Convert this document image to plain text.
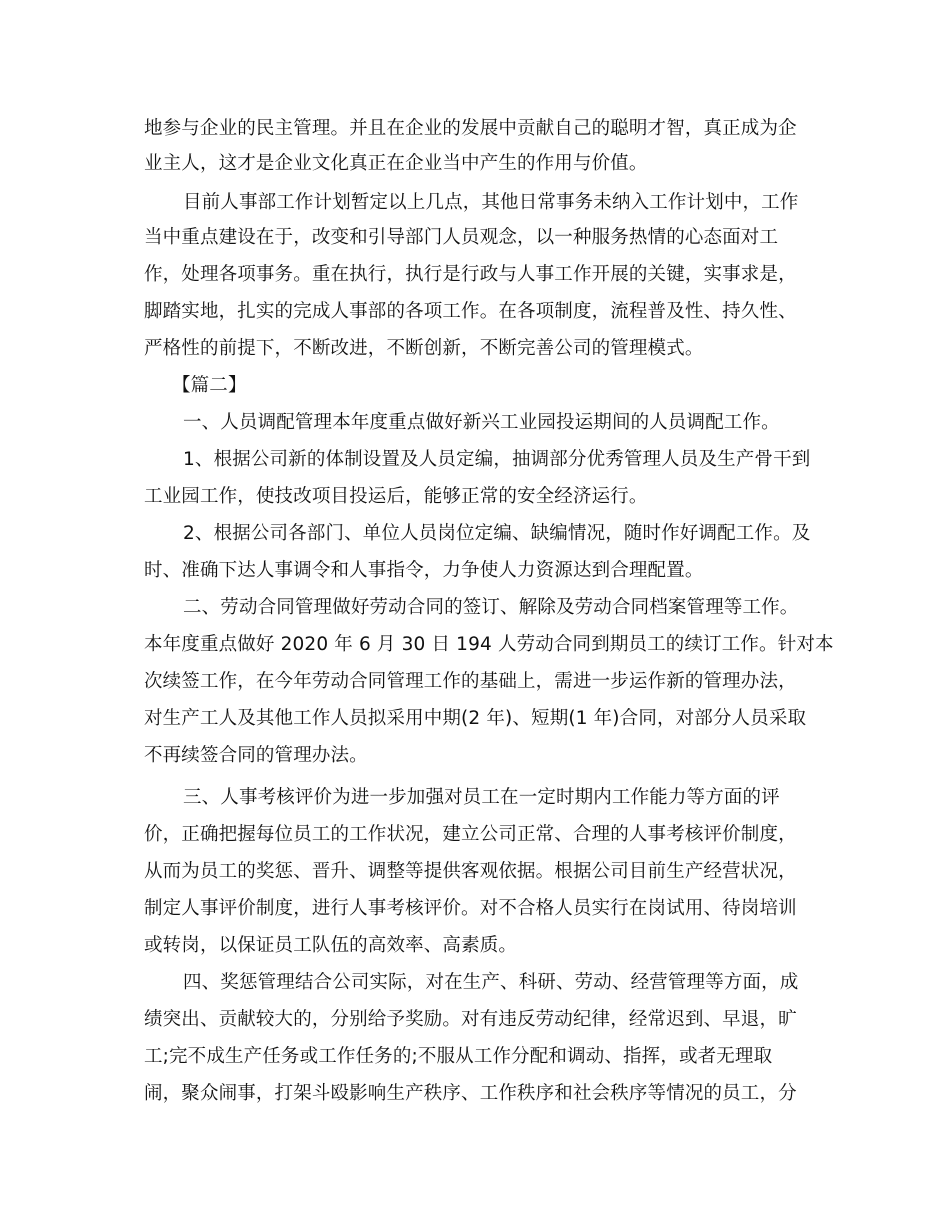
地参与企业的民主管理。并且在企业的发展中贡献自己的聪明才智，真正成为企
业主人，这才是企业文化真正在企业当中产生的作用与价值。
目前人事部工作计划暂定以上几点，其他日常事务未纳入工作计划中，工作
当中重点建设在于，改变和引导部门人员观念，以一种服务热情的心态面对工
作，处理各项事务。重在执行，执行是行政与人事工作开展的关键，实事求是，
脚踏实地，扎实的完成人事部的各项工作。在各项制度，流程普及性、持久性、
严格性的前提下，不断改进，不断创新，不断完善公司的管理模式。
【篇二】
一、人员调配管理本年度重点做好新兴工业园投运期间的人员调配工作。
1、根据公司新的体制设置及人员定编，抽调部分优秀管理人员及生产骨干到
工业园工作，使技改项目投运后，能够正常的安全经济运行。
2、根据公司各部门、单位人员岗位定编、缺编情况，随时作好调配工作。及
时、准确下达人事调令和人事指令，力争使人力资源达到合理配置。
二、劳动合同管理做好劳动合同的签订、解除及劳动合同档案管理等工作。
本年度重点做好 2020 年 6 月 30 日 194 人劳动合同到期员工的续订工作。针对本
次续签工作，在今年劳动合同管理工作的基础上，需进一步运作新的管理办法，
对生产工人及其他工作人员拟采用中期(2 年)、短期(1 年)合同，对部分人员采取
不再续签合同的管理办法。
三、人事考核评价为进一步加强对员工在一定时期内工作能力等方面的评
价，正确把握每位员工的工作状况，建立公司正常、合理的人事考核评价制度，
从而为员工的奖惩、晋升、调整等提供客观依据。根据公司目前生产经营状况，
制定人事评价制度，进行人事考核评价。对不合格人员实行在岗试用、待岗培训
或转岗，以保证员工队伍的高效率、高素质。
四、奖惩管理结合公司实际，对在生产、科研、劳动、经营管理等方面，成
绩突出、贡献较大的，分别给予奖励。对有违反劳动纪律，经常迟到、早退，旷
工;完不成生产任务或工作任务的;不服从工作分配和调动、指挥，或者无理取
闹，聚众闹事，打架斗殴影响生产秩序、工作秩序和社会秩序等情况的员工，分
